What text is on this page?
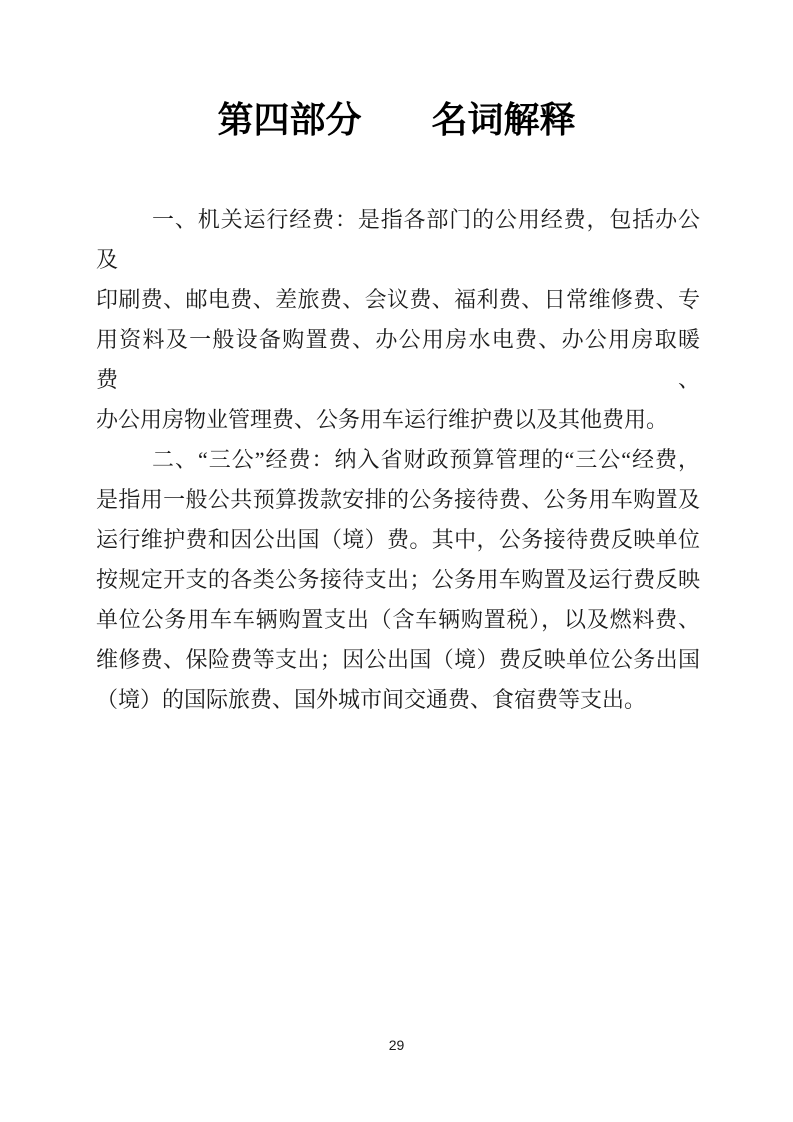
第四部分 名词解释

一、机关运行经费：是指各部门的公用经费，包括办公及
印刷费、邮电费、差旅费、会议费、福利费、日常维修费、专
用资料及一般设备购置费、办公用房水电费、办公用房取暖费、
办公用房物业管理费、公务用车运行维护费以及其他费用。

二、“三公”经费：纳入省财政预算管理的“三公“经费，
是指用一般公共预算拨款安排的公务接待费、公务用车购置及
运行维护费和因公出国（境）费。其中，公务接待费反映单位
按规定开支的各类公务接待支出；公务用车购置及运行费反映
单位公务用车车辆购置支出（含车辆购置税），以及燃料费、
维修费、保险费等支出；因公出国（境）费反映单位公务出国
（境）的国际旅费、国外城市间交通费、食宿费等支出。

29
